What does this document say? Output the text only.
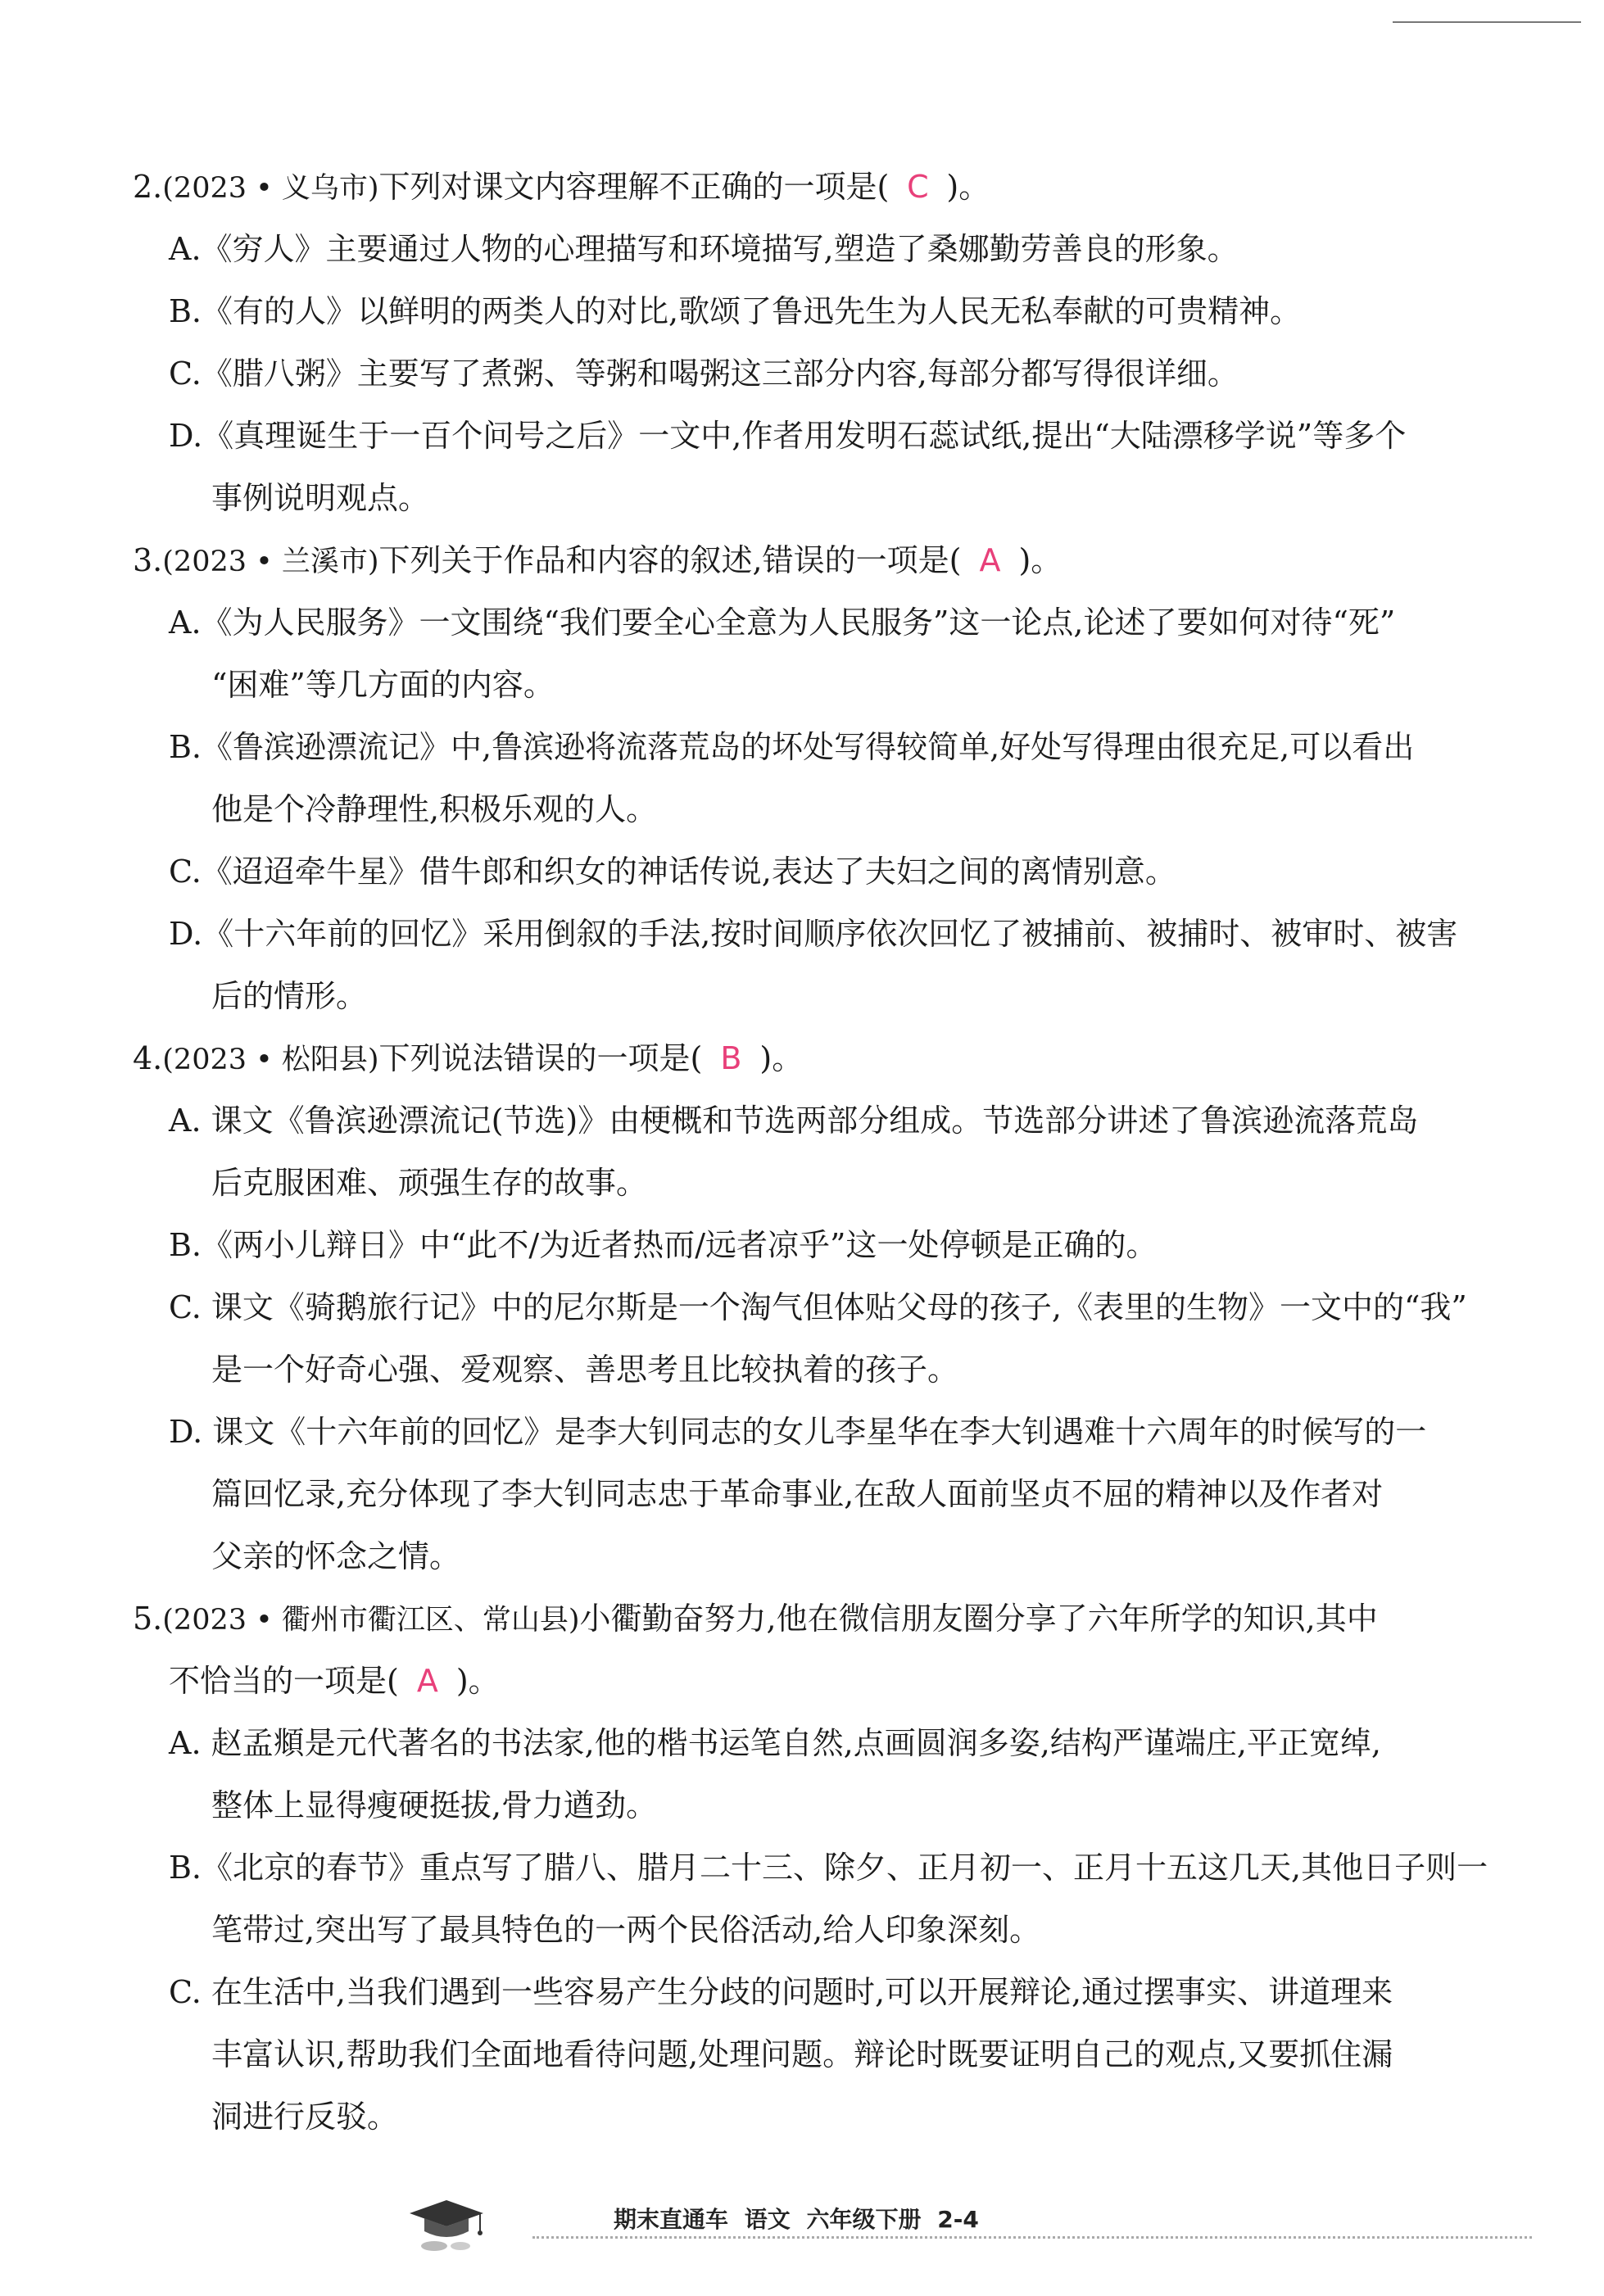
2.(2023 • 义乌市)下列对课文内容理解不正确的一项是( C )。
A.《穷人》主要通过人物的心理描写和环境描写,塑造了桑娜勤劳善良的形象。
B.《有的人》以鲜明的两类人的对比,歌颂了鲁迅先生为人民无私奉献的可贵精神。
C.《腊八粥》主要写了煮粥、等粥和喝粥这三部分内容,每部分都写得很详细。
D.《真理诞生于一百个问号之后》一文中,作者用发明石蕊试纸,提出“大陆漂移学说”等多个
事例说明观点。
3.(2023 • 兰溪市)下列关于作品和内容的叙述,错误的一项是( A )。
A.《为人民服务》一文围绕“我们要全心全意为人民服务”这一论点,论述了要如何对待“死”
“困难”等几方面的内容。
B.《鲁滨逊漂流记》中,鲁滨逊将流落荒岛的坏处写得较简单,好处写得理由很充足,可以看出
他是个冷静理性,积极乐观的人。
C.《迢迢牵牛星》借牛郎和织女的神话传说,表达了夫妇之间的离情别意。
D.《十六年前的回忆》采用倒叙的手法,按时间顺序依次回忆了被捕前、被捕时、被审时、被害
后的情形。
4.(2023 • 松阳县)下列说法错误的一项是( B )。
A. 课文《鲁滨逊漂流记(节选)》由梗概和节选两部分组成。节选部分讲述了鲁滨逊流落荒岛
后克服困难、顽强生存的故事。
B.《两小儿辩日》中“此不/为近者热而/远者凉乎”这一处停顿是正确的。
C. 课文《骑鹅旅行记》中的尼尔斯是一个淘气但体贴父母的孩子,《表里的生物》一文中的“我”
是一个好奇心强、爱观察、善思考且比较执着的孩子。
D. 课文《十六年前的回忆》是李大钊同志的女儿李星华在李大钊遇难十六周年的时候写的一
篇回忆录,充分体现了李大钊同志忠于革命事业,在敌人面前坚贞不屈的精神以及作者对
父亲的怀念之情。
5.(2023 • 衢州市衢江区、常山县)小衢勤奋努力,他在微信朋友圈分享了六年所学的知识,其中
不恰当的一项是( A )。
A. 赵孟頫是元代著名的书法家,他的楷书运笔自然,点画圆润多姿,结构严谨端庄,平正宽绰,
整体上显得瘦硬挺拔,骨力遒劲。
B.《北京的春节》重点写了腊八、腊月二十三、除夕、正月初一、正月十五这几天,其他日子则一
笔带过,突出写了最具特色的一两个民俗活动,给人印象深刻。
C. 在生活中,当我们遇到一些容易产生分歧的问题时,可以开展辩论,通过摆事实、讲道理来
丰富认识,帮助我们全面地看待问题,处理问题。辩论时既要证明自己的观点,又要抓住漏
洞进行反驳。
期末直通车 语文 六年级下册 2-4
